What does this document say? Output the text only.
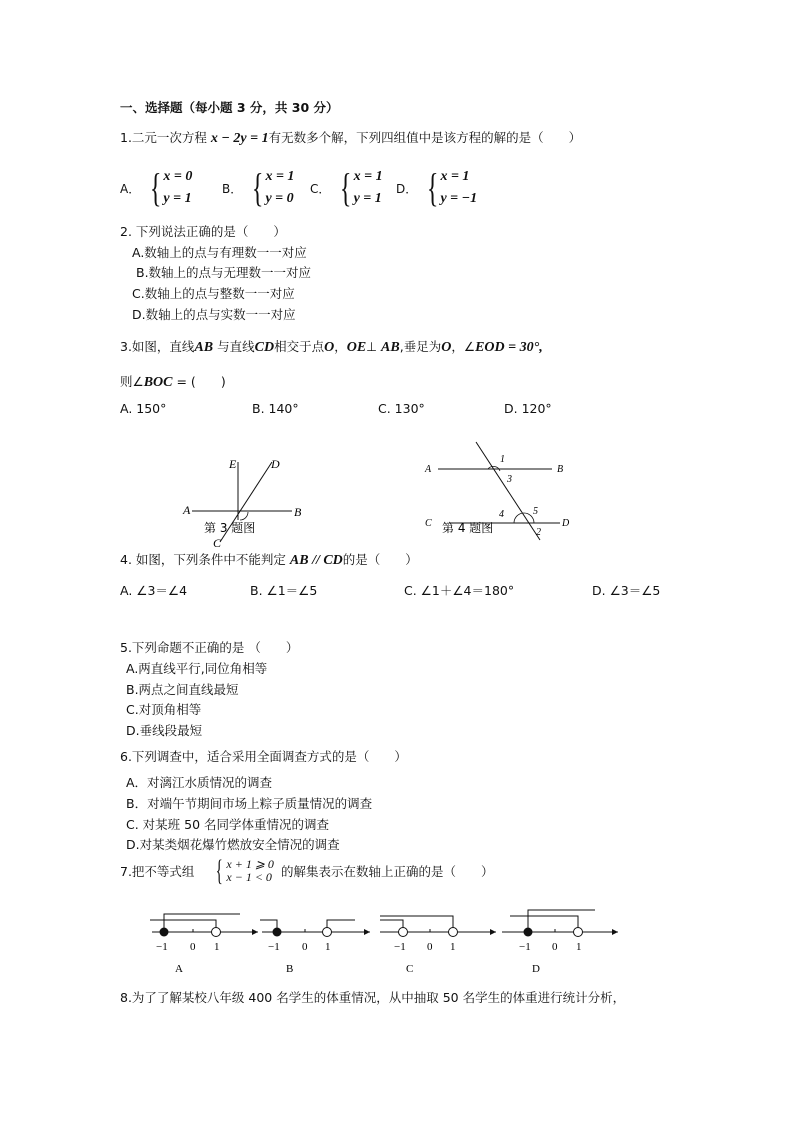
一、选择题（每小题 3 分，共 30 分）
1.二元一次方程 x − 2y = 1有无数多个解，下列四组值中是该方程的解的是（　　）
A． { x = 0
y = 1
B． { x = 1
y = 0
C． { x = 1
y = 1
D． { x = 1
y = −1
2. 下列说法正确的是（　　）
A.数轴上的点与有理数一一对应
B.数轴上的点与无理数一一对应
C.数轴上的点与整数一一对应
D.数轴上的点与实数一一对应
3.如图，直线AB 与直线CD相交于点O，OE⊥ AB,垂足为O，∠EOD = 30°,
则∠BOC = (　　)
A. 150°	B. 140°	C. 130°	D. 120°
A	B
C
D
E
第 3 题图
A	B
C	D
1
2
3
4	5
第 4 题图
4. 如图，下列条件中不能判定 AB // CD的是（　　）
A. ∠3＝∠4	B. ∠1＝∠5	C. ∠1＋∠4＝180°	D. ∠3＝∠5
5.下列命题不正确的是 （　　）
A.两直线平行,同位角相等
B.两点之间直线最短
C.对顶角相等
D.垂线段最短
6.下列调查中，适合采用全面调查方式的是（　　）
A．对漓江水质情况的调查
B．对端午节期间市场上粽子质量情况的调查
C. 对某班 50 名同学体重情况的调查
D.对某类烟花爆竹燃放安全情况的调查
7.把不等式组 { x + 1 ⩾ 0
x − 1 < 0 的解集表示在数轴上正确的是（　　）
−1 0 1
A
−1 0 1
B
−1 0 1
C
−1 0 1
D
8.为了了解某校八年级 400 名学生的体重情况，从中抽取 50 名学生的体重进行统计分析，
